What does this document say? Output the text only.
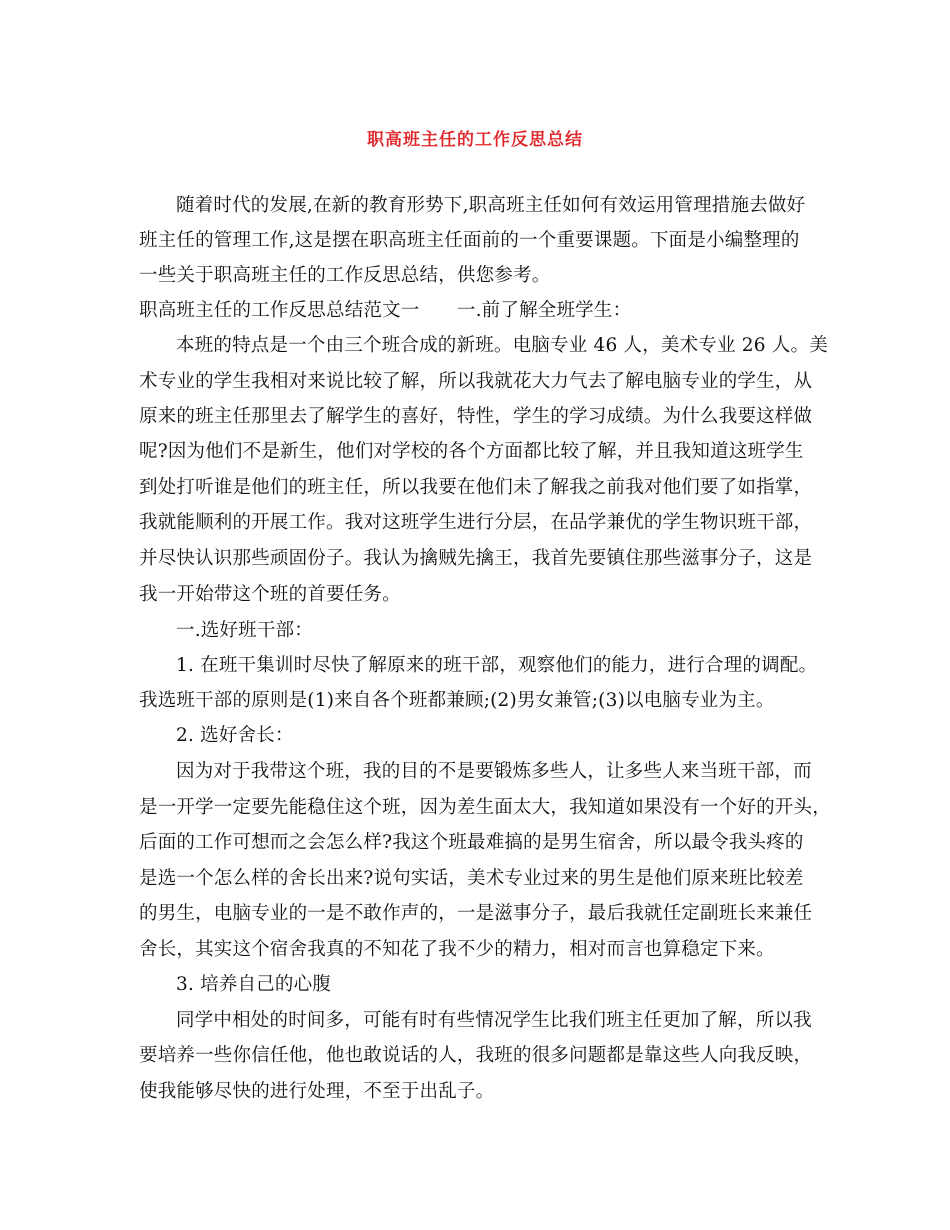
职高班主任的工作反思总结
随着时代的发展,在新的教育形势下,职高班主任如何有效运用管理措施去做好
班主任的管理工作,这是摆在职高班主任面前的一个重要课题。下面是小编整理的
一些关于职高班主任的工作反思总结，供您参考。
职高班主任的工作反思总结范文一　　一.前了解全班学生：
本班的特点是一个由三个班合成的新班。电脑专业 46 人，美术专业 26 人。美
术专业的学生我相对来说比较了解，所以我就花大力气去了解电脑专业的学生，从
原来的班主任那里去了解学生的喜好，特性，学生的学习成绩。为什么我要这样做
呢?因为他们不是新生，他们对学校的各个方面都比较了解，并且我知道这班学生
到处打听谁是他们的班主任，所以我要在他们未了解我之前我对他们要了如指掌，
我就能顺利的开展工作。我对这班学生进行分层，在品学兼优的学生物识班干部，
并尽快认识那些顽固份子。我认为擒贼先擒王，我首先要镇住那些滋事分子，这是
我一开始带这个班的首要任务。
一.选好班干部：
1. 在班干集训时尽快了解原来的班干部，观察他们的能力，进行合理的调配。
我选班干部的原则是(1)来自各个班都兼顾;(2)男女兼管;(3)以电脑专业为主。
2. 选好舍长：
因为对于我带这个班，我的目的不是要锻炼多些人，让多些人来当班干部，而
是一开学一定要先能稳住这个班，因为差生面太大，我知道如果没有一个好的开头，
后面的工作可想而之会怎么样?我这个班最难搞的是男生宿舍，所以最令我头疼的
是选一个怎么样的舍长出来?说句实话，美术专业过来的男生是他们原来班比较差
的男生，电脑专业的一是不敢作声的，一是滋事分子，最后我就任定副班长来兼任
舍长，其实这个宿舍我真的不知花了我不少的精力，相对而言也算稳定下来。
3. 培养自己的心腹
同学中相处的时间多，可能有时有些情况学生比我们班主任更加了解，所以我
要培养一些你信任他，他也敢说话的人，我班的很多问题都是靠这些人向我反映，
使我能够尽快的进行处理，不至于出乱子。
